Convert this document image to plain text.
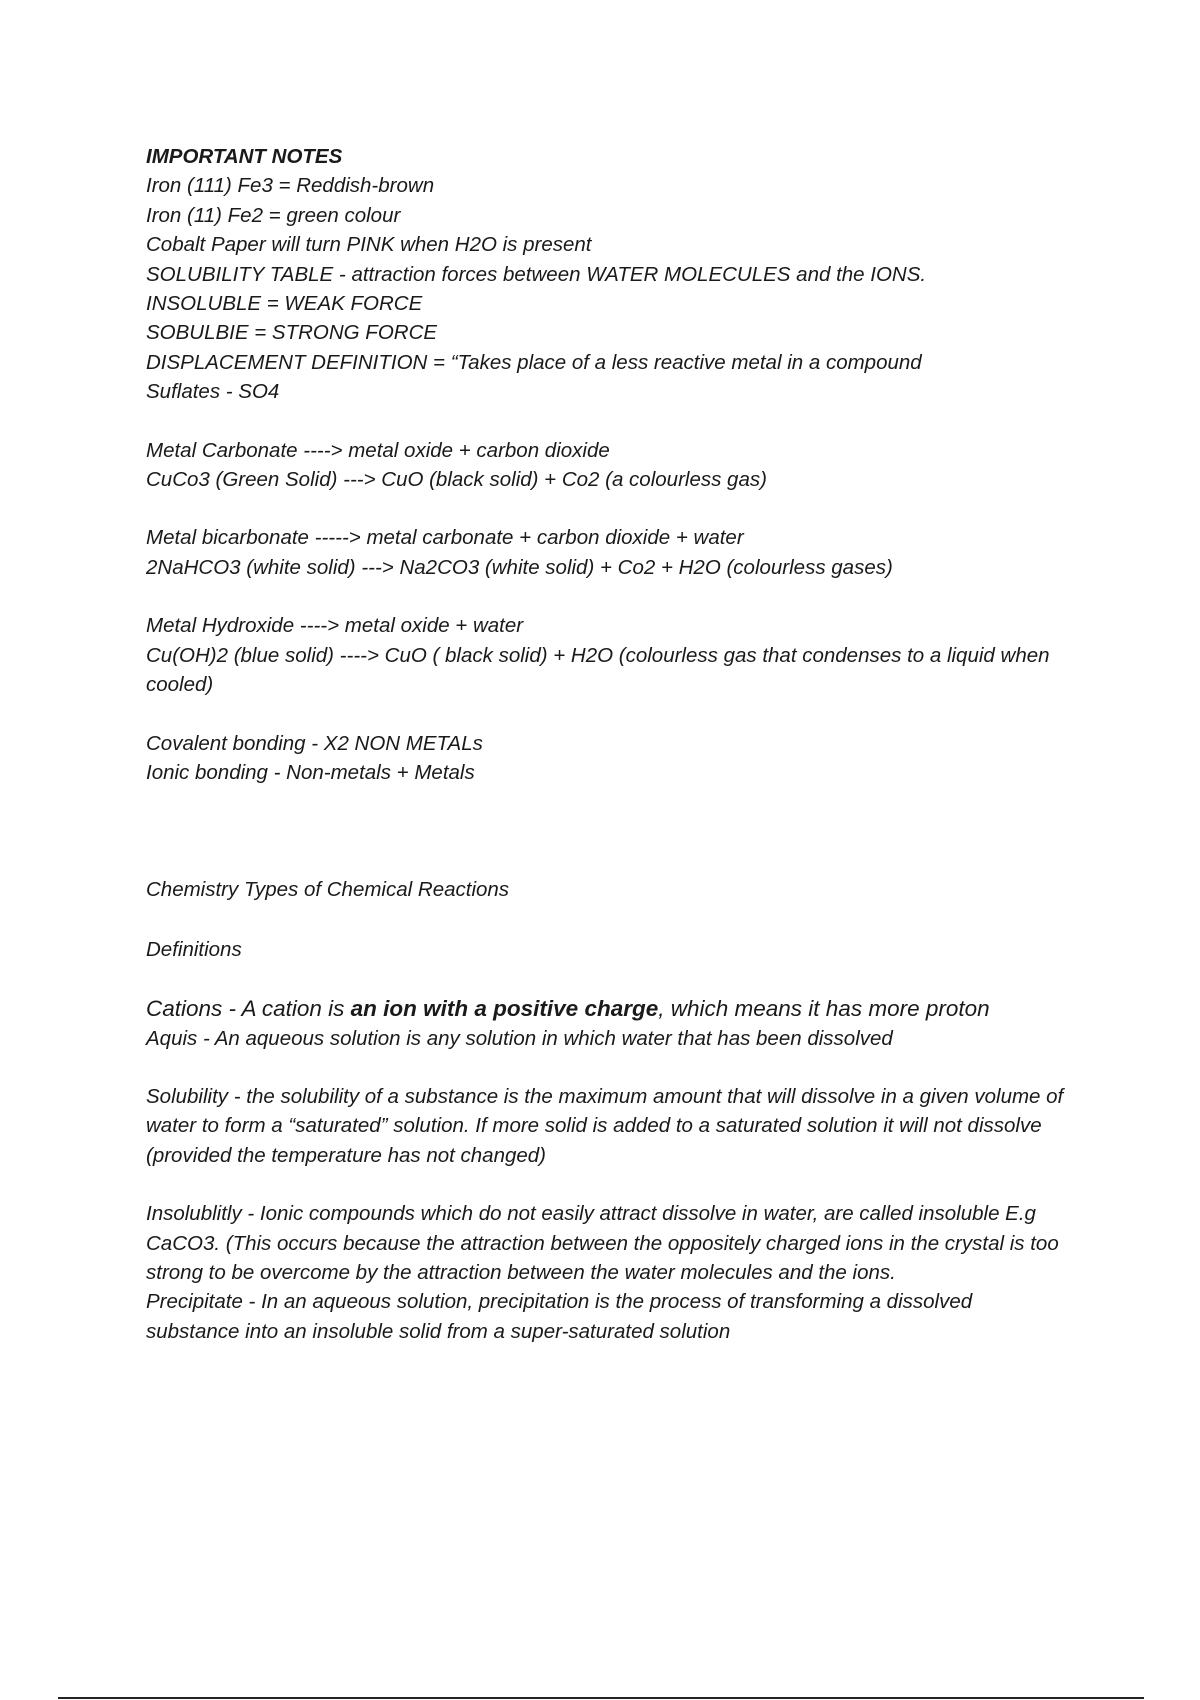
IMPORTANT NOTES
Iron (111) Fe3 = Reddish-brown
Iron (11) Fe2 = green colour
Cobalt Paper will turn PINK when H2O is present
SOLUBILITY TABLE - attraction forces between WATER MOLECULES and the IONS.
INSOLUBLE = WEAK FORCE
SOBULBIE = STRONG FORCE
DISPLACEMENT DEFINITION = “Takes place of a less reactive metal in a compound
Suflates - SO4
Metal Carbonate ----> metal oxide + carbon dioxide
CuCo3 (Green Solid) ---> CuO (black solid) + Co2 (a colourless gas)
Metal bicarbonate -----> metal carbonate + carbon dioxide + water
2NaHCO3 (white solid) ---> Na2CO3 (white solid) + Co2 + H2O (colourless gases)
Metal Hydroxide ----> metal oxide + water
Cu(OH)2 (blue solid) ----> CuO ( black solid) + H2O (colourless gas that condenses to a liquid when cooled)
Covalent bonding - X2 NON METALs
Ionic bonding - Non-metals + Metals
Chemistry Types of Chemical Reactions
Definitions
Cations - A cation is an ion with a positive charge, which means it has more proton
Aquis - An aqueous solution is any solution in which water that has been dissolved
Solubility - the solubility of a substance is the maximum amount that will dissolve in a given volume of water to form a “saturated” solution. If more solid is added to a saturated solution it will not dissolve (provided the temperature has not changed)
Insolublitly - Ionic compounds which do not easily attract dissolve in water, are called insoluble E.g CaCO3. (This occurs because the attraction between the oppositely charged ions in the crystal is too strong to be overcome by the attraction between the water molecules and the ions.
Precipitate - In an aqueous solution, precipitation is the process of transforming a dissolved substance into an insoluble solid from a super-saturated solution
